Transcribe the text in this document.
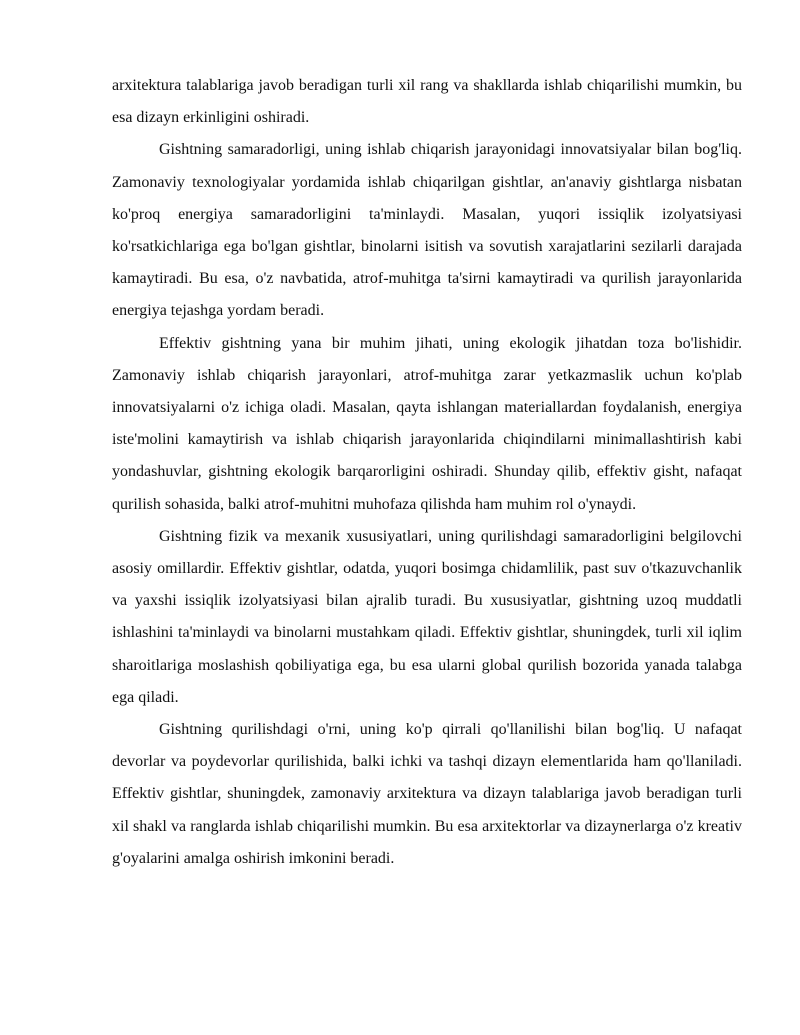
arxitektura talablariga javob beradigan turli xil rang va shakllarda ishlab chiqarilishi mumkin, bu esa dizayn erkinligini oshiradi.

Gishtning samaradorligi, uning ishlab chiqarish jarayonidagi innovatsiyalar bilan bog'liq. Zamonaviy texnologiyalar yordamida ishlab chiqarilgan gishtlar, an'anaviy gishtlarga nisbatan ko'proq energiya samaradorligini ta'minlaydi. Masalan, yuqori issiqlik izolyatsiyasi ko'rsatkichlariga ega bo'lgan gishtlar, binolarni isitish va sovutish xarajatlarini sezilarli darajada kamaytiradi. Bu esa, o'z navbatida, atrof-muhitga ta'sirni kamaytiradi va qurilish jarayonlarida energiya tejashga yordam beradi.

Effektiv gishtning yana bir muhim jihati, uning ekologik jihatdan toza bo'lishidir. Zamonaviy ishlab chiqarish jarayonlari, atrof-muhitga zarar yetkazmaslik uchun ko'plab innovatsiyalarni o'z ichiga oladi. Masalan, qayta ishlangan materiallardan foydalanish, energiya iste'molini kamaytirish va ishlab chiqarish jarayonlarida chiqindilarni minimallashtirish kabi yondashuvlar, gishtning ekologik barqarorligini oshiradi. Shunday qilib, effektiv gisht, nafaqat qurilish sohasida, balki atrof-muhitni muhofaza qilishda ham muhim rol o'ynaydi.

Gishtning fizik va mexanik xususiyatlari, uning qurilishdagi samaradorligini belgilovchi asosiy omillardir. Effektiv gishtlar, odatda, yuqori bosimga chidamlilik, past suv o'tkazuvchanlik va yaxshi issiqlik izolyatsiyasi bilan ajralib turadi. Bu xususiyatlar, gishtning uzoq muddatli ishlashini ta'minlaydi va binolarni mustahkam qiladi. Effektiv gishtlar, shuningdek, turli xil iqlim sharoitlariga moslashish qobiliyatiga ega, bu esa ularni global qurilish bozorida yanada talabga ega qiladi.

Gishtning qurilishdagi o'rni, uning ko'p qirrali qo'llanilishi bilan bog'liq. U nafaqat devorlar va poydevorlar qurilishida, balki ichki va tashqi dizayn elementlarida ham qo'llaniladi. Effektiv gishtlar, shuningdek, zamonaviy arxitektura va dizayn talablariga javob beradigan turli xil shakl va ranglarda ishlab chiqarilishi mumkin. Bu esa arxitektorlar va dizaynerlarga o'z kreativ g'oyalarini amalga oshirish imkonini beradi.
